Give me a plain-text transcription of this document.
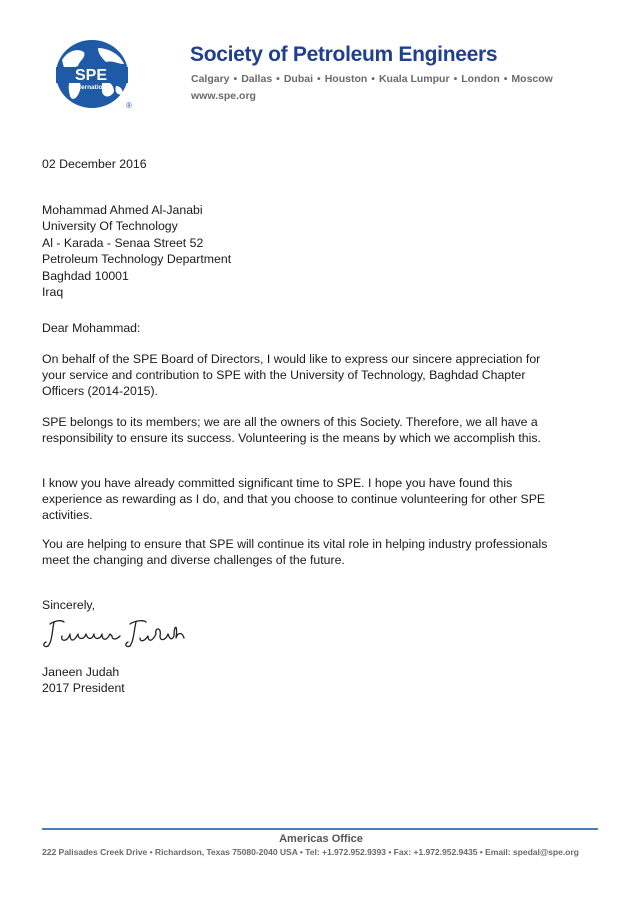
SPE
International
®
Society of Petroleum Engineers
Calgary • Dallas • Dubai • Houston • Kuala Lumpur • London • Moscow
www.spe.org
02 December 2016
Mohammad Ahmed Al-Janabi
University Of Technology
Al - Karada - Senaa Street 52
Petroleum Technology Department
Baghdad 10001
Iraq
Dear Mohammad:
On behalf of the SPE Board of Directors, I would like to express our sincere appreciation for your service and contribution to SPE with the University of Technology, Baghdad Chapter Officers (2014-2015).
SPE belongs to its members; we are all the owners of this Society. Therefore, we all have a responsibility to ensure its success. Volunteering is the means by which we accomplish this.
I know you have already committed significant time to SPE. I hope you have found this experience as rewarding as I do, and that you choose to continue volunteering for other SPE activities.
You are helping to ensure that SPE will continue its vital role in helping industry professionals meet the changing and diverse challenges of the future.
Sincerely,
Janeen Judah
2017 President
Americas Office
222 Palisades Creek Drive • Richardson, Texas 75080-2040 USA • Tel: +1.972.952.9393 • Fax: +1.972.952.9435 • Email: spedal@spe.org
